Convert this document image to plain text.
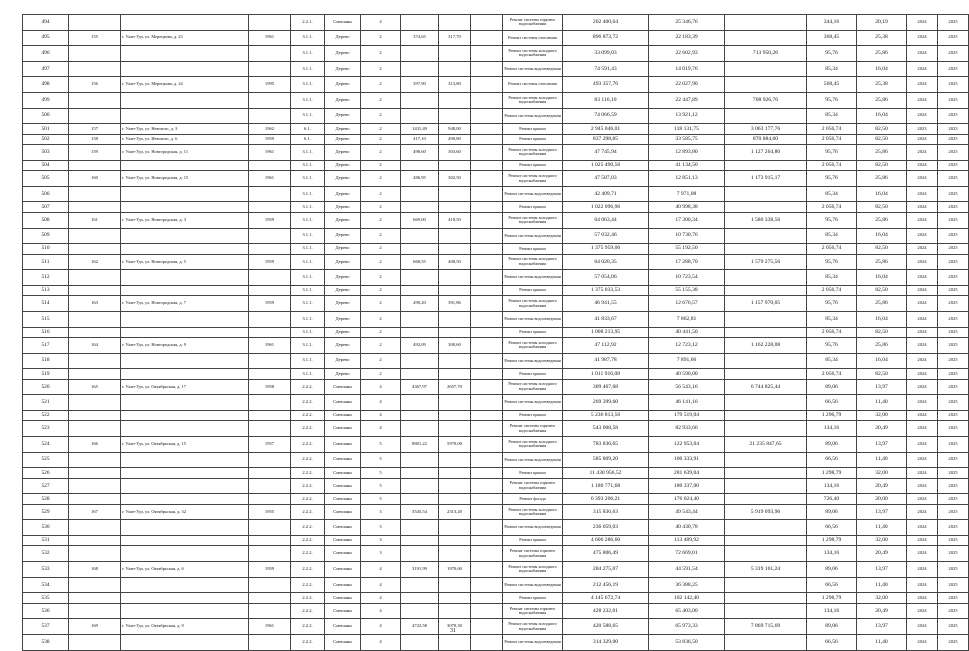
494				2.2.1.	Смешанн	4				Ремонт системы горячего водоснабжения	202 400,64	25 346,76		344,16	20,19	2024	2025
495	155	г. Улан-Удэ, ул. Мерецкова, д. 23	1961	3.1.1.	Дерево	2	374,65	317,70		Ремонт системы отопления	896 873,72	22 183,39		368,45	25,38	2024	2025
496				3.1.1.	Дерево	2				Ремонт системы холодного водоснабжения	33 099,03	22 602,93	713 950,26	95,76	25,86	2024	2025
497				3.1.1.	Дерево	2				Ремонт системы водоотведения	74 591,43	14 019,76		85,34	16,04	2024	2025
498	156	г. Улан-Удэ, ул. Мерецкова, д. 24	1995	3.1.1.	Дерево	2	397,90	313,80		Ремонт системы отопления	493 357,76	22 027,90		568,45	25,38	2024	2025
499				3.1.1.	Дерево	2				Ремонт системы холодного водоснабжения	83 116,10	22 447,89	708 926,76	95,76	25,86	2024	2025
500				3.1.1.	Дерево	2				Ремонт системы водоотведения	74 066,59	13 921,12		85,34	16,04	2024	2025
501	157	г. Улан-Удэ, ул. Невского, д. 3	1962	6.1.	Дерево	2	1431,49	948,00		Ремонт крыши	2 945 046,01	118 131,75	3 063 177,76	2 056,74	82,50	2023	2023
502	158	г. Улан-Удэ, ул. Невского, д. 6	1959	6.1.	Дерево	2	417,10	490,80		Ремонт крыши	837 298,85	33 585,75	870 884,60	2 056,74	82,50	2024	2025
503	159	г. Улан-Удэ, ул. Новгородская, д. 11	1961	3.1.1.	Дерево	2	498,60	303,60		Ремонт системы холодного водоснабжения	47 745,94	12 893,80	1 127 264,80	95,76	25,86	2024	2025
504				3.1.1.	Дерево	2				Ремонт крыши	1 025 490,56	41 134,50		2 056,74	82,50	2024	2025
505	160	г. Улан-Удэ, ул. Новгородская, д. 15	1961	3.1.1.	Дерево	2	486,95	302,50		Ремонт системы холодного водоснабжения	47 587,03	12 851,13	1 173 915,17	95,76	25,86	2024	2025
506				3.1.1.	Дерево	2				Ремонт системы водоотведения	42 409,71	7 971,08		85,34	16,04	2024	2025
507				3.1.1.	Дерево	2				Ремонт крыши	1 022 096,96	40 998,38		2 056,74	82,50	2024	2025
508	161	г. Улан-Удэ, ул. Новгородская, д. 3	1959	3.1.1.	Дерево	2	669,00	418,50		Ремонт системы холодного водоснабжения	64 063,44	17 300,34	1 580 338,56	95,76	25,86	2024	2025
509				3.1.1.	Дерево	2				Ремонт системы водоотведения	57 032,46	10 730,76		85,34	16,04	2024	2025
510				3.1.1.	Дерево	2				Ремонт крыши	1 375 959,06	55 192,50		2 056,74	82,50	2024	2025
511	162	г. Улан-Удэ, ул. Новгородская, д. 5	1959	3.1.1.	Дерево	2	668,55	408,50		Ремонт системы холодного водоснабжения	64 020,35	17 288,70	1 579 275,56	95,76	25,86	2024	2025
512				3.1.1.	Дерево	2				Ремонт системы водоотведения	57 054,06	10 723,54		85,34	16,04	2024	2025
513				3.1.1.	Дерево	2				Ремонт крыши	1 375 033,53	55 155,38		2 056,74	82,50	2024	2025
514	163	г. Улан-Удэ, ул. Новгородская, д. 7	1959	3.1.1.	Дерево	2	490,20	391,86		Ремонт системы холодного водоснабжения	46 941,55	12 676,57	1 157 970,05	95,76	25,86	2024	2025
515				3.1.1.	Дерево	2				Ремонт системы водоотведения	41 833,67	7 862,81		85,34	16,04	2024	2025
516				3.1.1.	Дерево	2				Ремонт крыши	1 008 213,95	40 441,50		2 056,74	82,50	2024	2025
517	164	г. Улан-Удэ, ул. Новгородская, д. 9	1961	3.1.1.	Дерево	2	492,09	300,60		Ремонт системы холодного водоснабжения	47 112,92	12 723,12	1 162 228,08	95,76	25,86	2024	2025
518				3.1.1.	Дерево	2				Ремонт системы водоотведения	41 987,78	7 891,66		85,34	16,04	2024	2025
519				3.1.1.	Дерево	2				Ремонт крыши	1 011 916,08	40 590,00		2 056,74	82,50	2024	2025
520	165	г. Улан-Удэ, ул. Октябрьская, д. 17	1958	2.2.2.	Смешанн	4	4367,97	2657,70		Ремонт системы холодного водоснабжения	309 467,68	56 543,16	6 744 825,44	89,06	13,97	2024	2025
521				2.2.2.	Смешанн	4				Ремонт системы водоотведения	269 399,60	46 141,16		66,56	11,40	2024	2025
522				2.2.2.	Смешанн	4				Ремонт крыши	5 236 813,56	179 519,04		1 296,79	32,00	2024	2025
523				2.2.2.	Смешанн	4				Ремонт системы горячего водоснабжения	543 008,58	82 933,66		134,16	20,49	2024	2025
524	166	г. Улан-Удэ, ул. Октябрьская, д. 15	1957	2.2.2.	Смешанн	5	8801,22	5970,00		Ремонт системы холодного водоснабжения	783 836,65	122 953,04	21 235 847,65	89,06	13,97	2024	2025
525				2.2.2.	Смешанн	5				Ремонт системы водоотведения	585 809,20	100 333,91		66,56	11,40	2024	2025
526				2.2.2.	Смешанн	5				Ремонт крыши	11 430 956,52	281 639,04		1 298,79	32,00	2024	2025
527				2.2.2.	Смешанн	5				Ремонт системы горячего водоснабжения	1 180 771,68	180 337,00		134,16	20,49	2024	2025
528				2.2.2.	Смешанн	5				Ремонт фасада	6 393 206,21	176 024,40		726,40	20,00	2024	2025
529	167	г. Улан-Удэ, ул. Октябрьская, д. 32	1955	2.2.2.	Смешанн	3	3545,54	2313,20		Ремонт системы холодного водоснабжения	315 836,63	49 543,44	5 919 093,96	89,06	13,97	2024	2025
530				2.2.2.	Смешанн	3				Ремонт системы водоотведения	236 059,03	40 430,78		66,56	11,40	2024	2025
531				2.2.2.	Смешанн	3				Ремонт крыши	4 606 286,60	113 489,92		1 298,79	32,00	2024	2025
532				2.2.2.	Смешанн	3				Ремонт системы горячего водоснабжения	475 806,49	72 669,01		134,16	20,49	2024	2025
533	168	г. Улан-Удэ, ул. Октябрьская, д. 6	1959	2.2.2.	Смешанн	4	3191,99	1970,60		Ремонт системы холодного водоснабжения	284 275,07	44 591,54	5 319 161,24	89,06	13,97	2024	2025
534				2.2.2.	Смешанн	4				Ремонт системы водоотведения	212 456,19	36 388,25		66,56	11,40	2024	2025
535				2.2.2.	Смешанн	4				Ремонт крыши	4 145 672,74	102 142,40		1 298,79	32,00	2024	2025
536				2.2.2.	Смешанн	4				Ремонт системы горячего водоснабжения	428 232,01	65 403,00		134,16	20,49	2024	2025
537	169	г. Улан-Удэ, ул. Октябрьская, д. 9	1961	2.2.2.	Смешанн	4	4722,58	3079,30		Ремонт системы холодного водоснабжения	420 588,65	65 973,33	7 869 715,69	89,06	13,97	2024	2025
538				2.2.2.	Смешанн	4				Ремонт системы водоотведения	314 329,00	53 836,50		66,56	11,40	2024	2025
31
